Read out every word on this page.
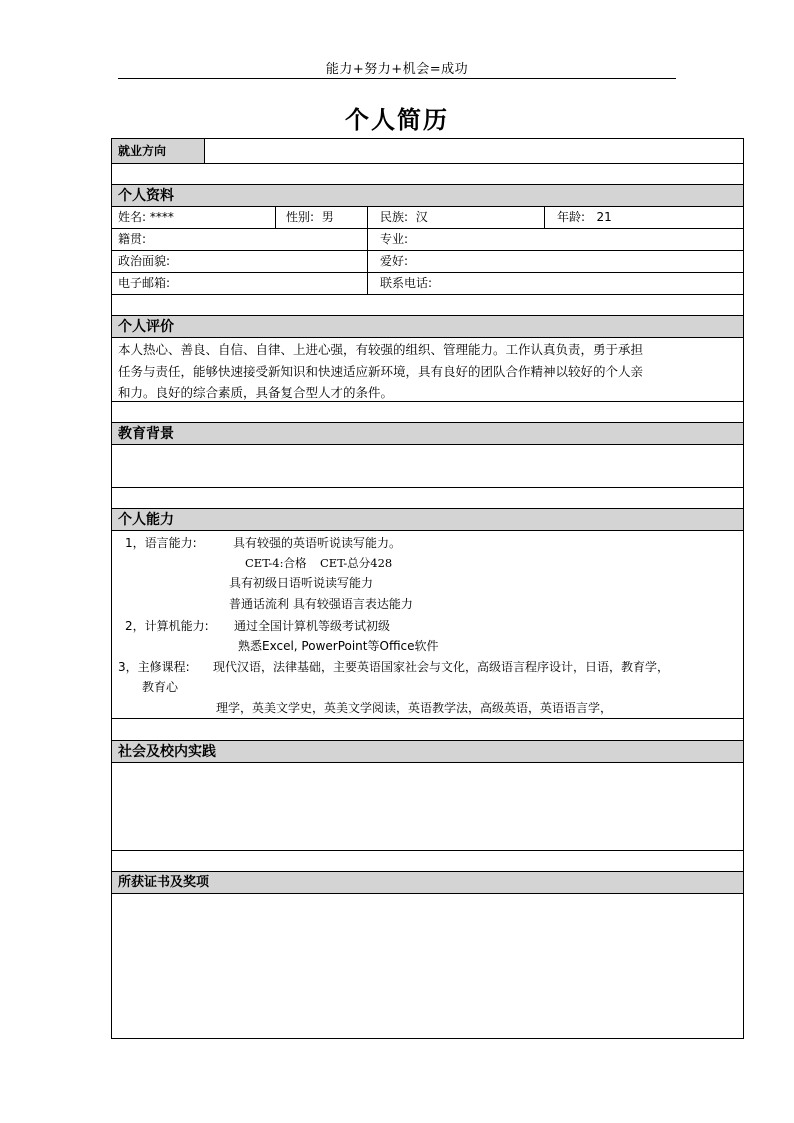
能力+努力+机会=成功
个人简历
就业方向
个人资料
姓名: ****	性别: 男	民族: 汉	年龄: 21
籍贯:	专业:
政治面貌:	爱好:
电子邮箱:	联系电话:
个人评价
本人热心、善良、自信、自律、上进心强，有较强的组织、管理能力。工作认真负责，勇于承担
任务与责任，能够快速接受新知识和快速适应新环境，具有良好的团队合作精神以较好的个人亲
和力。良好的综合素质，具备复合型人才的条件。
教育背景
个人能力
1，语言能力:	具有较强的英语听说读写能力。
CET-4:合格 CET-总分428
具有初级日语听说读写能力
普通话流利 具有较强语言表达能力
2，计算机能力: 通过全国计算机等级考试初级
熟悉Excel, PowerPoint等Office软件
3，主修课程: 现代汉语，法律基础，主要英语国家社会与文化，高级语言程序设计，日语，教育学，
教育心
理学，英美文学史，英美文学阅读，英语教学法，高级英语，英语语言学，
社会及校内实践
所获证书及奖项
